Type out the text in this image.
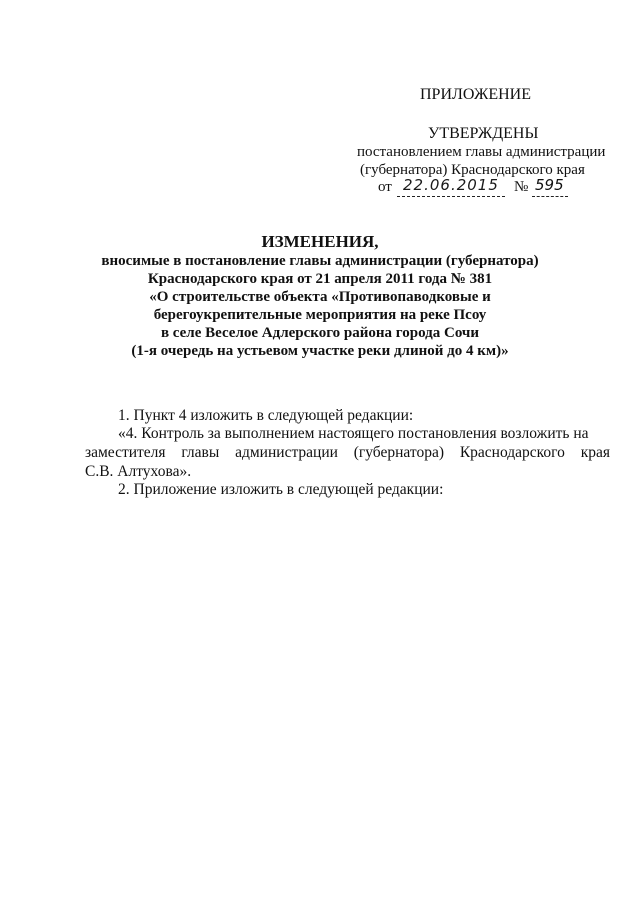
ПРИЛОЖЕНИЕ
УТВЕРЖДЕНЫ
постановлением главы администрации
(губернатора) Краснодарского края
от 22.06.2015 № 595
ИЗМЕНЕНИЯ,
вносимые в постановление главы администрации (губернатора)
Краснодарского края от 21 апреля 2011 года № 381
«О строительстве объекта «Противопаводковые и
берегоукрепительные мероприятия на реке Псоу
в селе Веселое Адлерского района города Сочи
(1-я очередь на устьевом участке реки длиной до 4 км)»
1. Пункт 4 изложить в следующей редакции:
«4. Контроль за выполнением настоящего постановления возложить на
заместителя главы администрации (губернатора) Краснодарского края
С.В. Алтухова».
2. Приложение изложить в следующей редакции:
